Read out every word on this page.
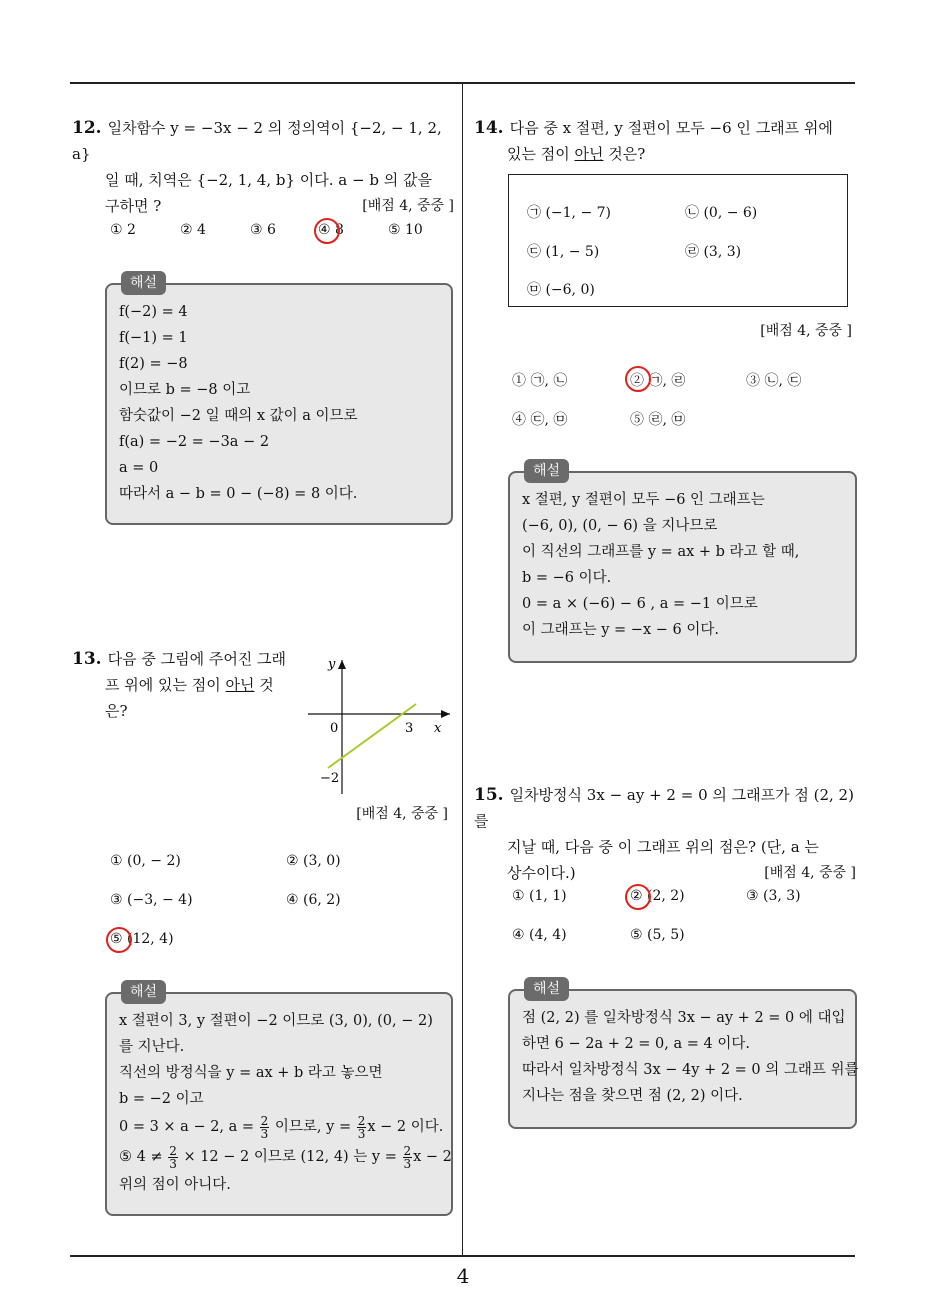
12. 일차함수 y = −3x − 2 의 정의역이 {−2, − 1, 2, a}
일 때, 치역은 {−2, 1, 4, b} 이다. a − b 의 값을
구하면 ?	[배점 4, 중중 ]
① 2	② 4	③ 6	④ 8	⑤ 10
해설
f(−2) = 4
f(−1) = 1
f(2) = −8
이므로 b = −8 이고
함숫값이 −2 일 때의 x 값이 a 이므로
f(a) = −2 = −3a − 2
a = 0
따라서 a − b = 0 − (−8) = 8 이다.
13. 다음 중 그림에 주어진 그래
프 위에 있는 점이 아닌 것
은?
y
x
0	3
−2
[배점 4, 중중 ]
① (0, − 2)	② (3, 0)
③ (−3, − 4)	④ (6, 2)
⑤ (12, 4)
해설
x 절편이 3, y 절편이 −2 이므로 (3, 0), (0, − 2)
를 지난다.
직선의 방정식을 y = ax + b 라고 놓으면
b = −2 이고
0 = 3 × a − 2, $a = \frac{2}{3}$ 이므로, $y = \frac{2}{3}$ x − 2 이다.
⑤ $4 \ne \frac{2}{3} \times 12 - 2$ 이므로 (12, 4) 는 $y = \frac{2}{3}$ x − 2
위의 점이 아니다.
14. 다음 중 x 절편, y 절편이 모두 −6 인 그래프 위에
있는 점이 아닌 것은?
㉠ (−1, − 7)	㉡ (0, − 6)
㉢ (1, − 5)	㉣ (3, 3)
㉤ (−6, 0)
[배점 4, 중중 ]
① ㉠, ㉡	② ㉠, ㉣	③ ㉡, ㉢
④ ㉢, ㉤	⑤ ㉣, ㉤
해설
x 절편, y 절편이 모두 −6 인 그래프는
(−6, 0), (0, − 6) 을 지나므로
이 직선의 그래프를 y = ax + b 라고 할 때,
b = −6 이다.
0 = a × (−6) − 6 , a = −1 이므로
이 그래프는 y = −x − 6 이다.
15. 일차방정식 3x − ay + 2 = 0 의 그래프가 점 (2, 2) 를
지날 때, 다음 중 이 그래프 위의 점은? (단, a 는
상수이다.)	[배점 4, 중중 ]
① (1, 1)	② (2, 2)	③ (3, 3)
④ (4, 4)	⑤ (5, 5)
해설
점 (2, 2) 를 일차방정식 3x − ay + 2 = 0 에 대입
하면 6 − 2a + 2 = 0, a = 4 이다.
따라서 일차방정식 3x − 4y + 2 = 0 의 그래프 위를
지나는 점을 찾으면 점 (2, 2) 이다.
4
